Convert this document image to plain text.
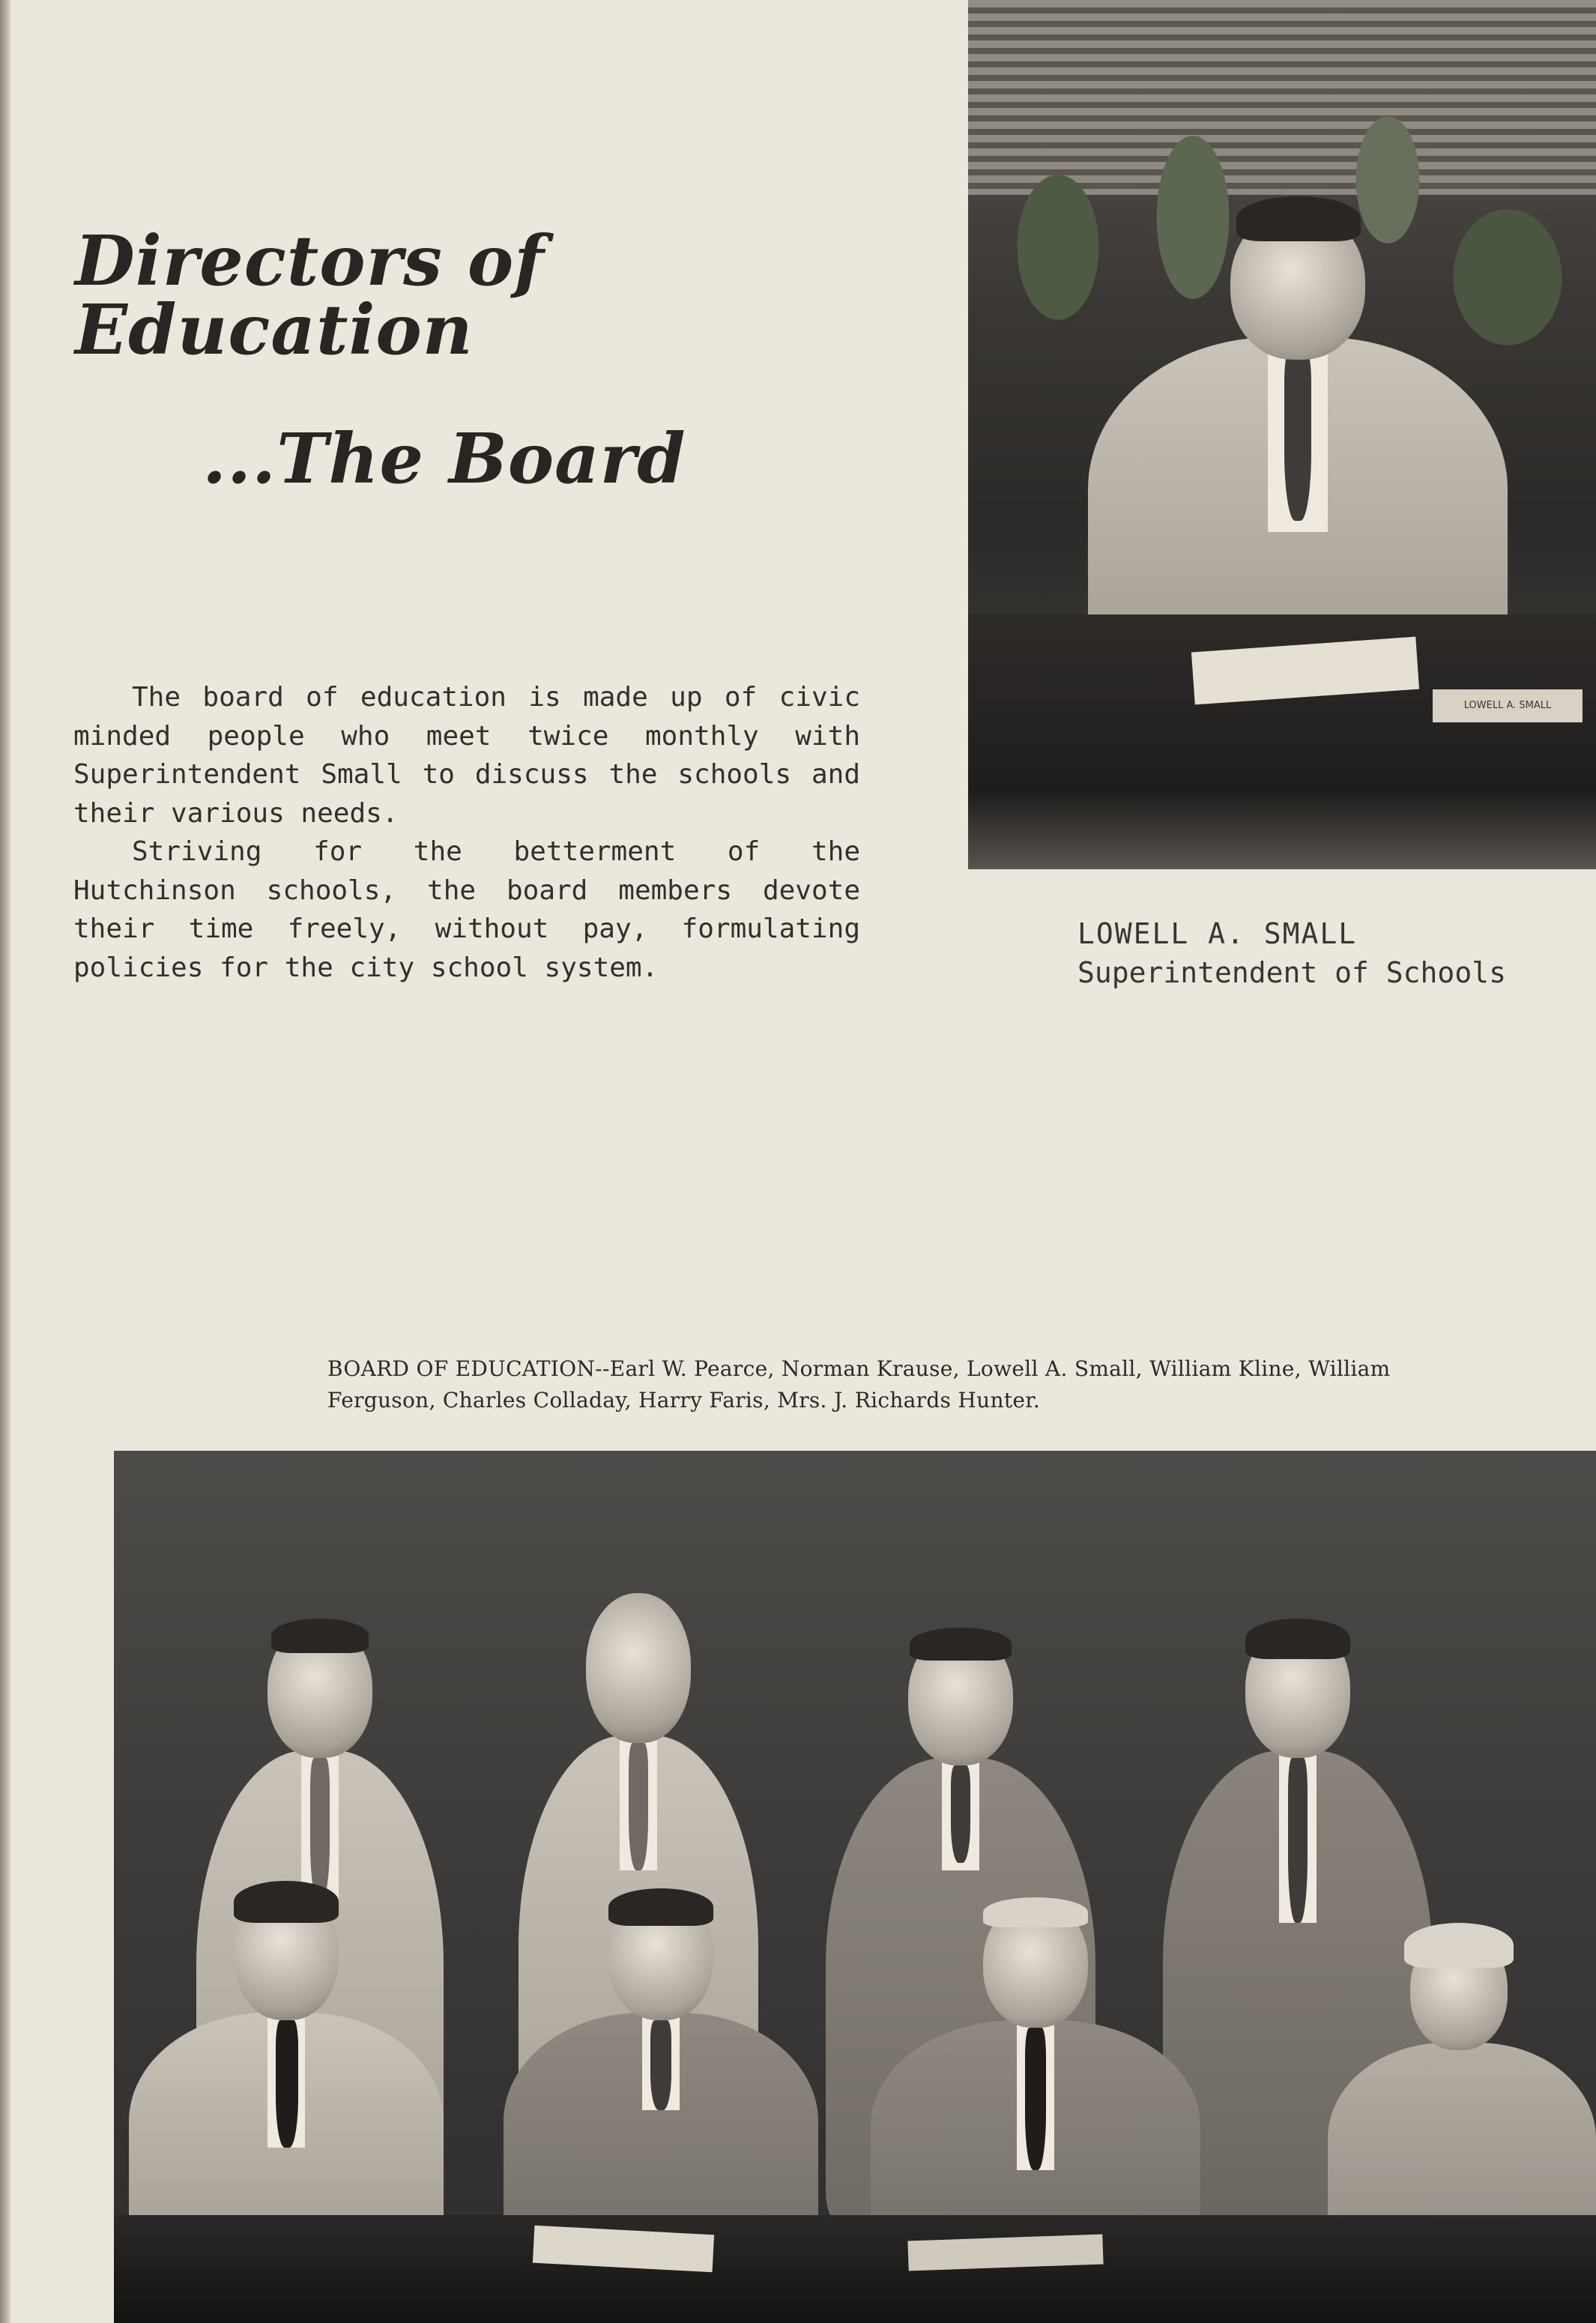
Directors of Education
...The Board

The board of education is made up of civic minded people who meet twice monthly with Superintendent Small to discuss the schools and their various needs.

Striving for the betterment of the Hutchinson schools, the board members devote their time freely, without pay, formulating policies for the city school system.

LOWELL A. SMALL
LOWELL A. SMALL
Superintendent of Schools
BOARD OF EDUCATION--Earl W. Pearce, Norman Krause, Lowell A. Small, William Kline, William Ferguson, Charles Colladay, Harry Faris, Mrs. J. Richards Hunter.
